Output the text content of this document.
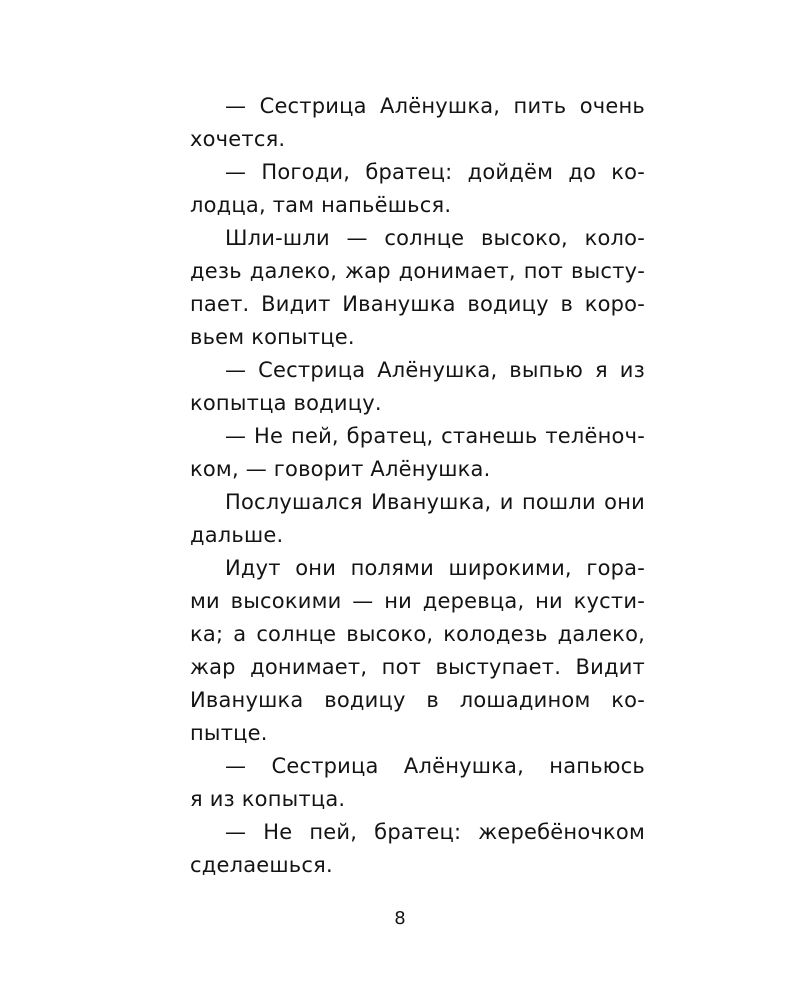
— Сестрица Алёнушка, пить очень
хочется.
— Погоди, братец: дойдём до ко-
лодца, там напьёшься.
Шли-шли — солнце высоко, коло-
дезь далеко, жар донимает, пот высту-
пает. Видит Иванушка водицу в коро-
вьем копытце.
— Сестрица Алёнушка, выпью я из
копытца водицу.
— Не пей, братец, станешь телёноч-
ком, — говорит Алёнушка.
Послушался Иванушка, и пошли они
дальше.
Идут они полями широкими, гора-
ми высокими — ни деревца, ни кусти-
ка; а солнце высоко, колодезь далеко,
жар донимает, пот выступает. Видит
Иванушка водицу в лошадином ко-
пытце.
— Сестрица Алёнушка, напьюсь
я из копытца.
— Не пей, братец: жеребёночком
сделаешься.
8
